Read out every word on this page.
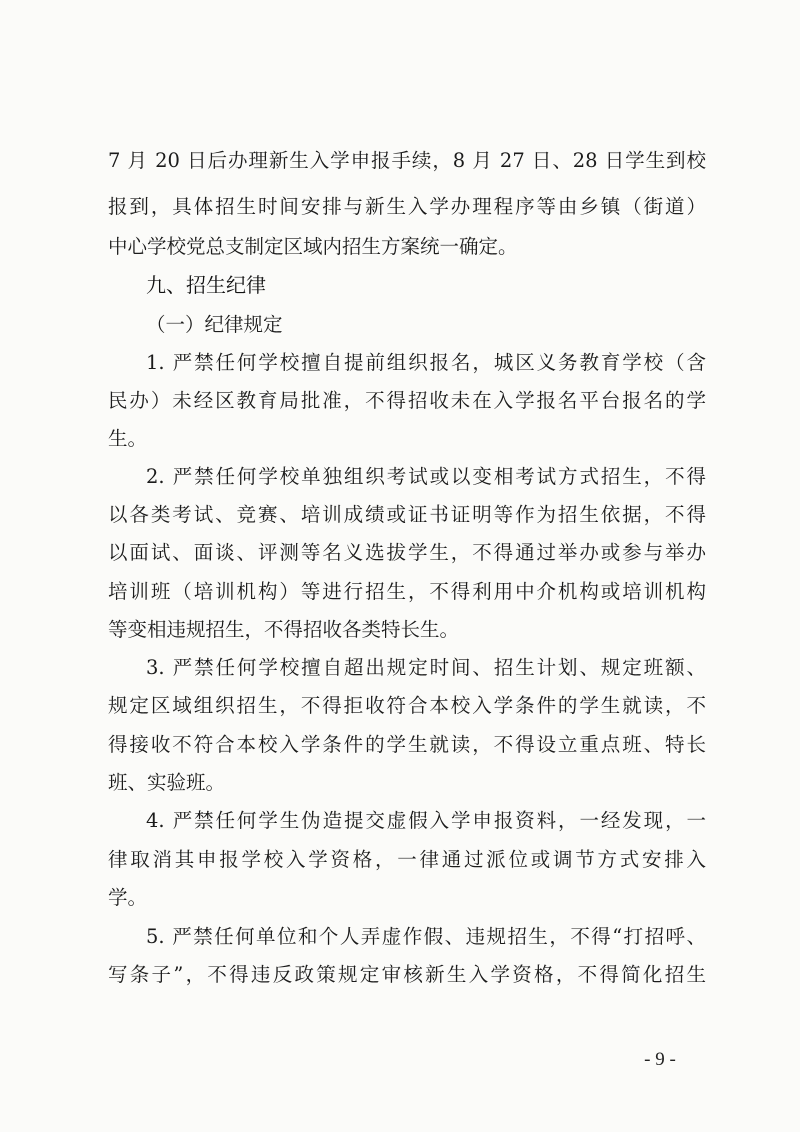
7 月 20 日后办理新生入学申报手续，8 月 27 日、28 日学生到校
报到，具体招生时间安排与新生入学办理程序等由乡镇（街道）
中心学校党总支制定区域内招生方案统一确定。
九、招生纪律
（一）纪律规定
1. 严禁任何学校擅自提前组织报名，城区义务教育学校（含
民办）未经区教育局批准，不得招收未在入学报名平台报名的学
生。
2. 严禁任何学校单独组织考试或以变相考试方式招生，不得
以各类考试、竞赛、培训成绩或证书证明等作为招生依据，不得
以面试、面谈、评测等名义选拔学生，不得通过举办或参与举办
培训班（培训机构）等进行招生，不得利用中介机构或培训机构
等变相违规招生，不得招收各类特长生。
3. 严禁任何学校擅自超出规定时间、招生计划、规定班额、
规定区域组织招生，不得拒收符合本校入学条件的学生就读，不
得接收不符合本校入学条件的学生就读，不得设立重点班、特长
班、实验班。
4. 严禁任何学生伪造提交虚假入学申报资料，一经发现，一
律取消其申报学校入学资格，一律通过派位或调节方式安排入
学。
5. 严禁任何单位和个人弄虚作假、违规招生，不得“打招呼、
写条子”，不得违反政策规定审核新生入学资格，不得简化招生
- 9 -
